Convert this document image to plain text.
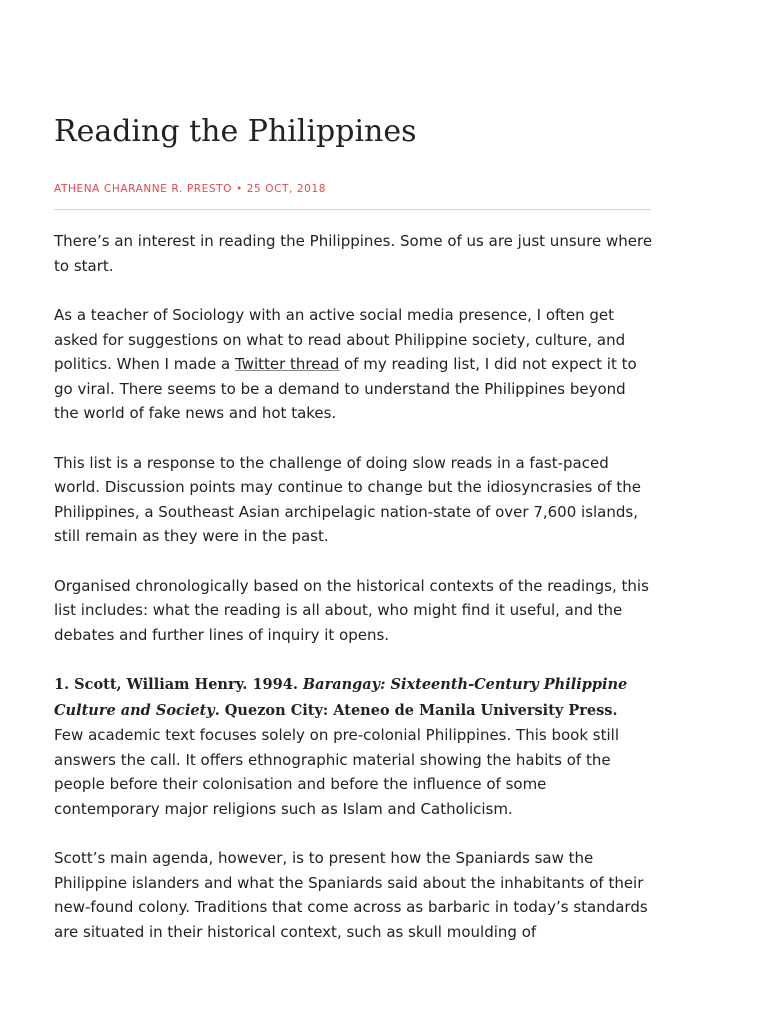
Reading the Philippines
ATHENA CHARANNE R. PRESTO • 25 OCT, 2018

There’s an interest in reading the Philippines. Some of us are just unsure where to start.

As a teacher of Sociology with an active social media presence, I often get asked for suggestions on what to read about Philippine society, culture, and politics. When I made a Twitter thread of my reading list, I did not expect it to go viral. There seems to be a demand to understand the Philippines beyond the world of fake news and hot takes.

This list is a response to the challenge of doing slow reads in a fast-paced world. Discussion points may continue to change but the idiosyncrasies of the Philippines, a Southeast Asian archipelagic nation-state of over 7,600 islands, still remain as they were in the past.

Organised chronologically based on the historical contexts of the readings, this list includes: what the reading is all about, who might find it useful, and the debates and further lines of inquiry it opens.

1. Scott, William Henry. 1994. Barangay: Sixteenth-Century Philippine Culture and Society. Quezon City: Ateneo de Manila University Press.

Few academic text focuses solely on pre-colonial Philippines. This book still answers the call. It offers ethnographic material showing the habits of the people before their colonisation and before the influence of some contemporary major religions such as Islam and Catholicism.

Scott’s main agenda, however, is to present how the Spaniards saw the Philippine islanders and what the Spaniards said about the inhabitants of their new-found colony. Traditions that come across as barbaric in today’s standards are situated in their historical context, such as skull moulding of
